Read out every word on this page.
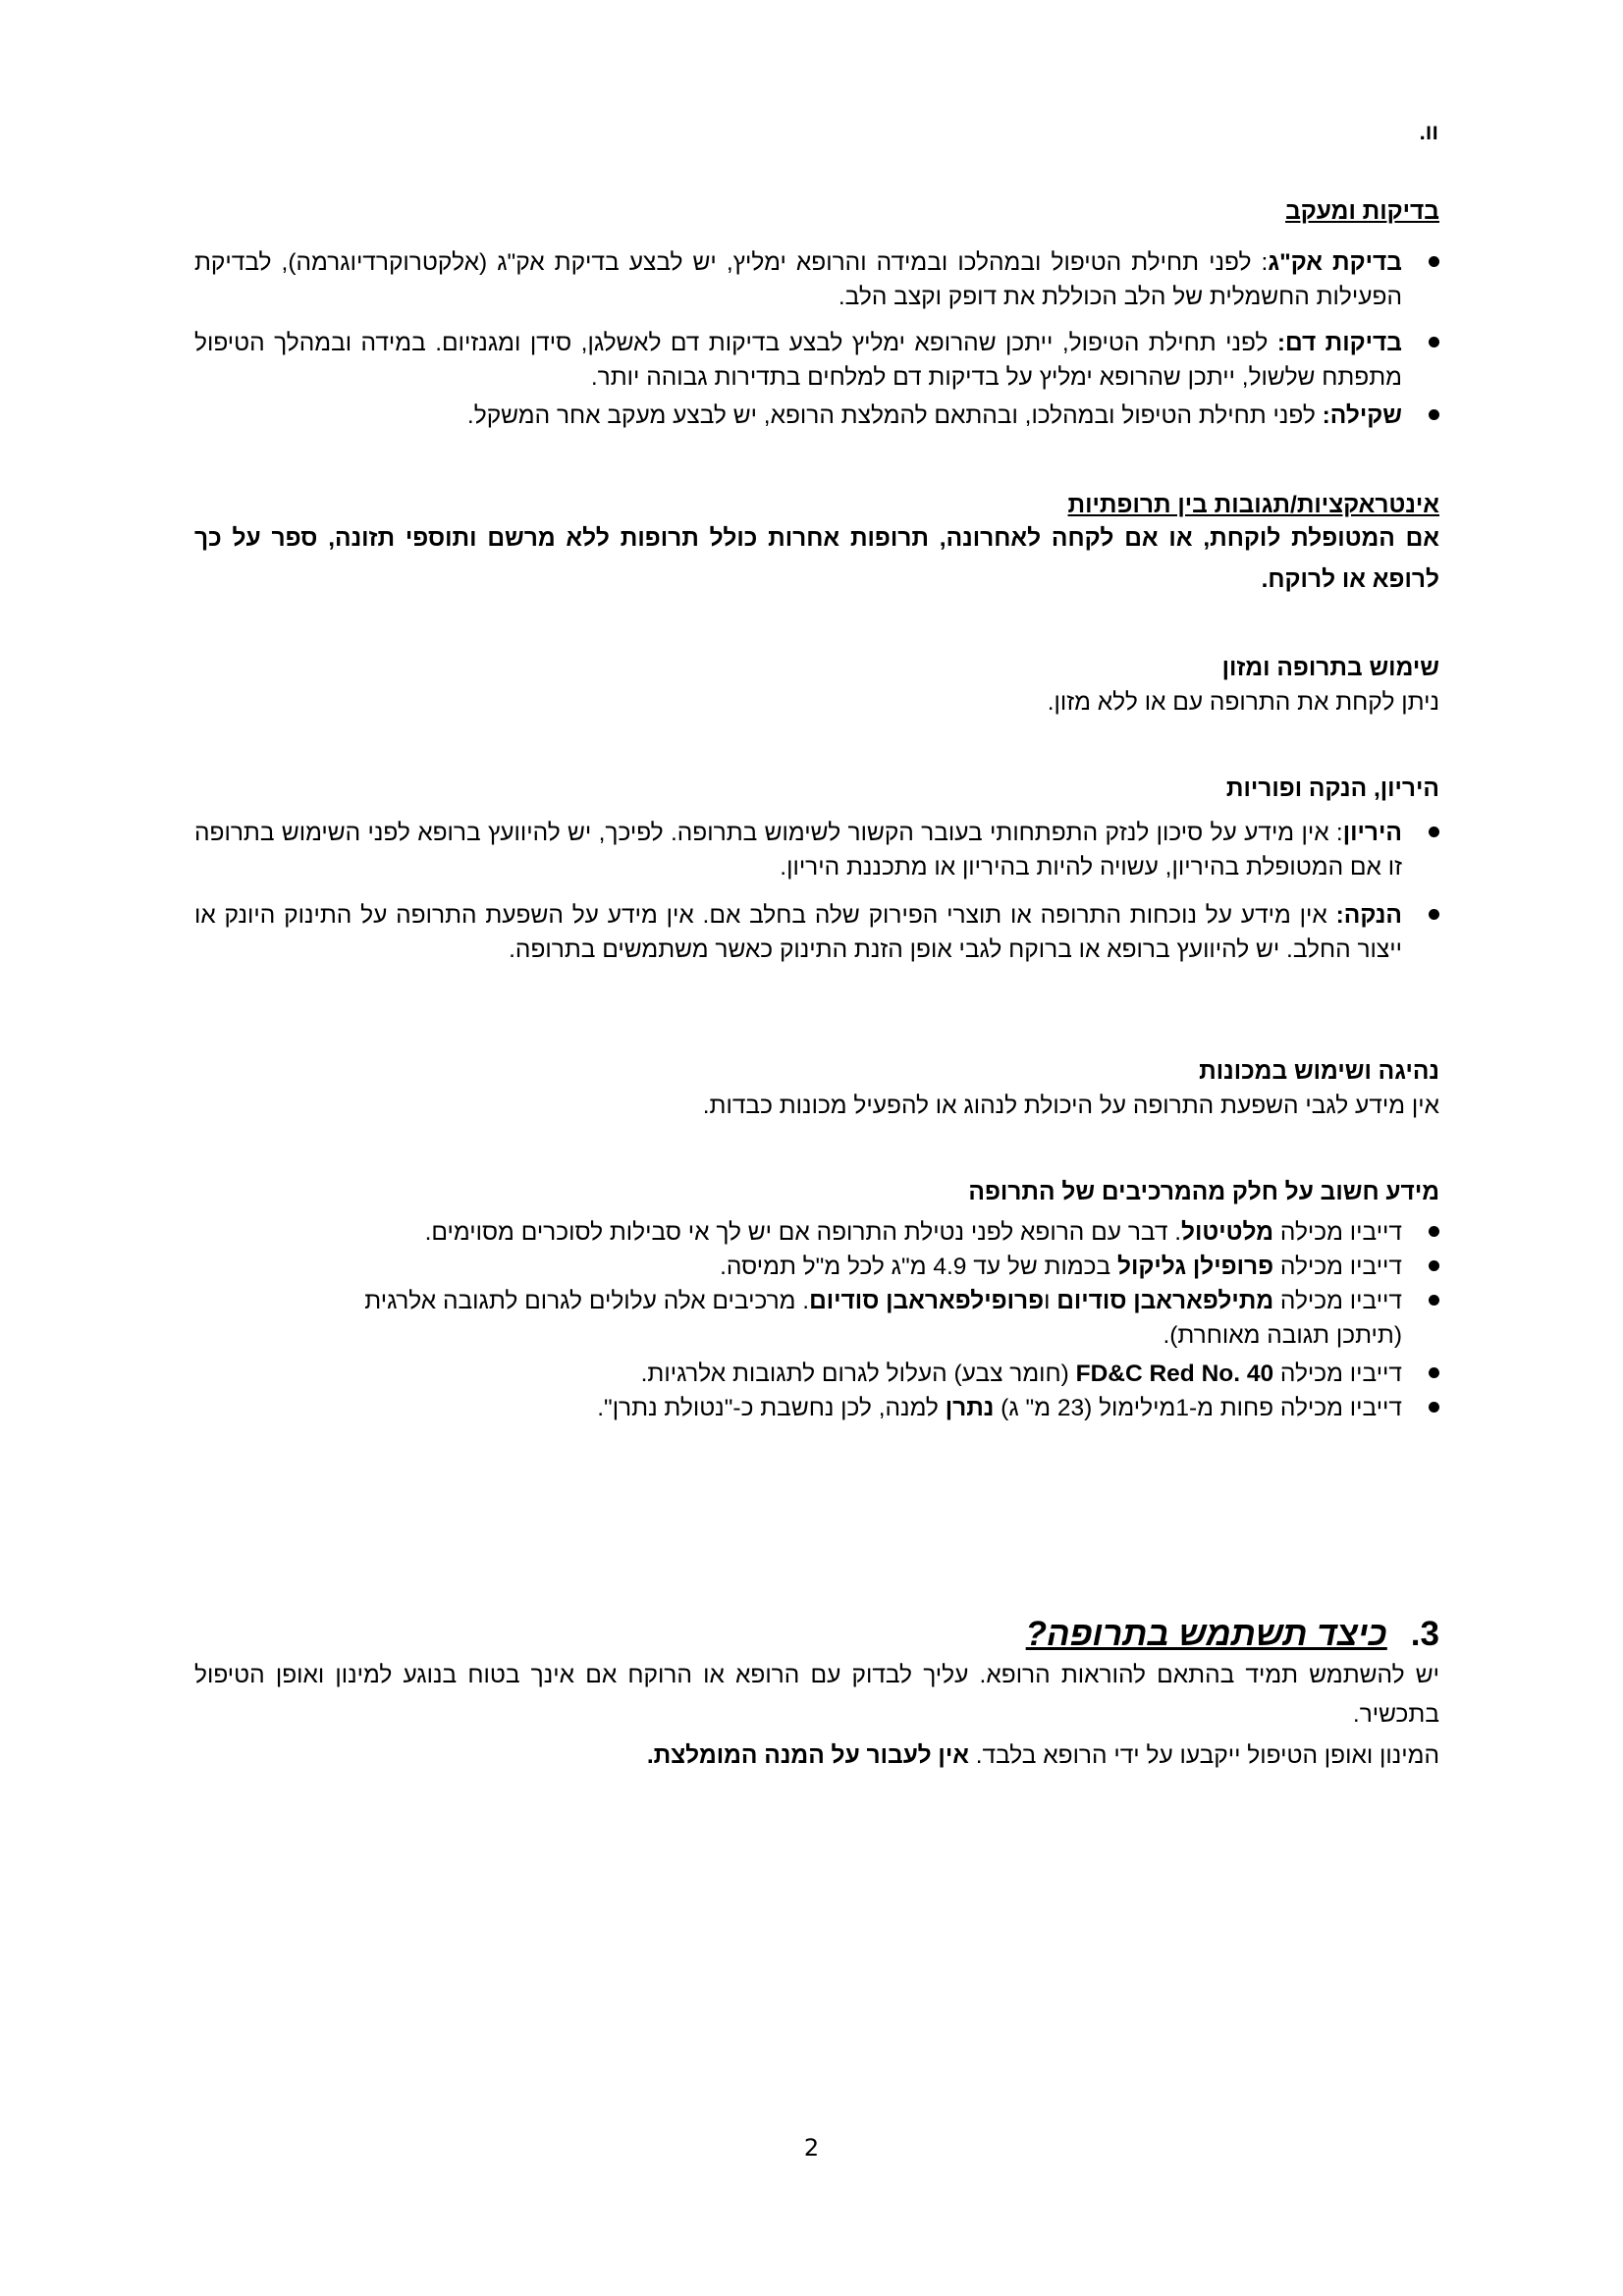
וו.
בדיקות ומעקב
בדיקת אק"ג: לפני תחילת הטיפול ובמהלכו ובמידה והרופא ימליץ, יש לבצע בדיקת אק"ג (אלקטרוקרדיוגרמה), לבדיקת הפעילות החשמלית של הלב הכוללת את דופק וקצב הלב.
בדיקות דם: לפני תחילת הטיפול, ייתכן שהרופא ימליץ לבצע בדיקות דם לאשלגן, סידן ומגנזיום. במידה ובמהלך הטיפול מתפתח שלשול, ייתכן שהרופא ימליץ על בדיקות דם למלחים בתדירות גבוהה יותר.
שקילה: לפני תחילת הטיפול ובמהלכו, ובהתאם להמלצת הרופא, יש לבצע מעקב אחר המשקל.
אינטראקציות/תגובות בין תרופתיות
אם המטופלת לוקחת, או אם לקחה לאחרונה, תרופות אחרות כולל תרופות ללא מרשם ותוספי תזונה, ספר על כך לרופא או לרוקח.
שימוש בתרופה ומזון
ניתן לקחת את התרופה עם או ללא מזון.
היריון, הנקה ופוריות
היריון: אין מידע על סיכון לנזק התפתחותי בעובר הקשור לשימוש בתרופה. לפיכך, יש להיוועץ ברופא לפני השימוש בתרופה זו אם המטופלת בהיריון, עשויה להיות בהיריון או מתכננת היריון.
הנקה: אין מידע על נוכחות התרופה או תוצרי הפירוק שלה בחלב אם. אין מידע על השפעת התרופה על התינוק היונק או ייצור החלב. יש להיוועץ ברופא או ברוקח לגבי אופן הזנת התינוק כאשר משתמשים בתרופה.
נהיגה ושימוש במכונות
אין מידע לגבי השפעת התרופה על היכולת לנהוג או להפעיל מכונות כבדות.
מידע חשוב על חלק מהמרכיבים של התרופה
דייביו מכילה מלטיטול. דבר עם הרופא לפני נטילת התרופה אם יש לך אי סבילות לסוכרים מסוימים.
דייביו מכילה פרופילן גליקול בכמות של עד 4.9 מ"ג לכל מ"ל תמיסה.
דייביו מכילה מתילפאראבן סודיום ופרופילפאראבן סודיום. מרכיבים אלה עלולים לגרום לתגובה אלרגית (תיתכן תגובה מאוחרת).
דייביו מכילה FD&C Red No. 40 (חומר צבע) העלול לגרום לתגובות אלרגיות.
דייביו מכילה פחות מ-1מילימול (23 מ" ג) נתרן למנה, לכן נחשבת כ-"נטולת נתרן".
3.כיצד תשתמש בתרופה?
יש להשתמש תמיד בהתאם להוראות הרופא. עליך לבדוק עם הרופא או הרוקח אם אינך בטוח בנוגע למינון ואופן הטיפול בתכשיר.
המינון ואופן הטיפול ייקבעו על ידי הרופא בלבד. אין לעבור על המנה המומלצת.
2
